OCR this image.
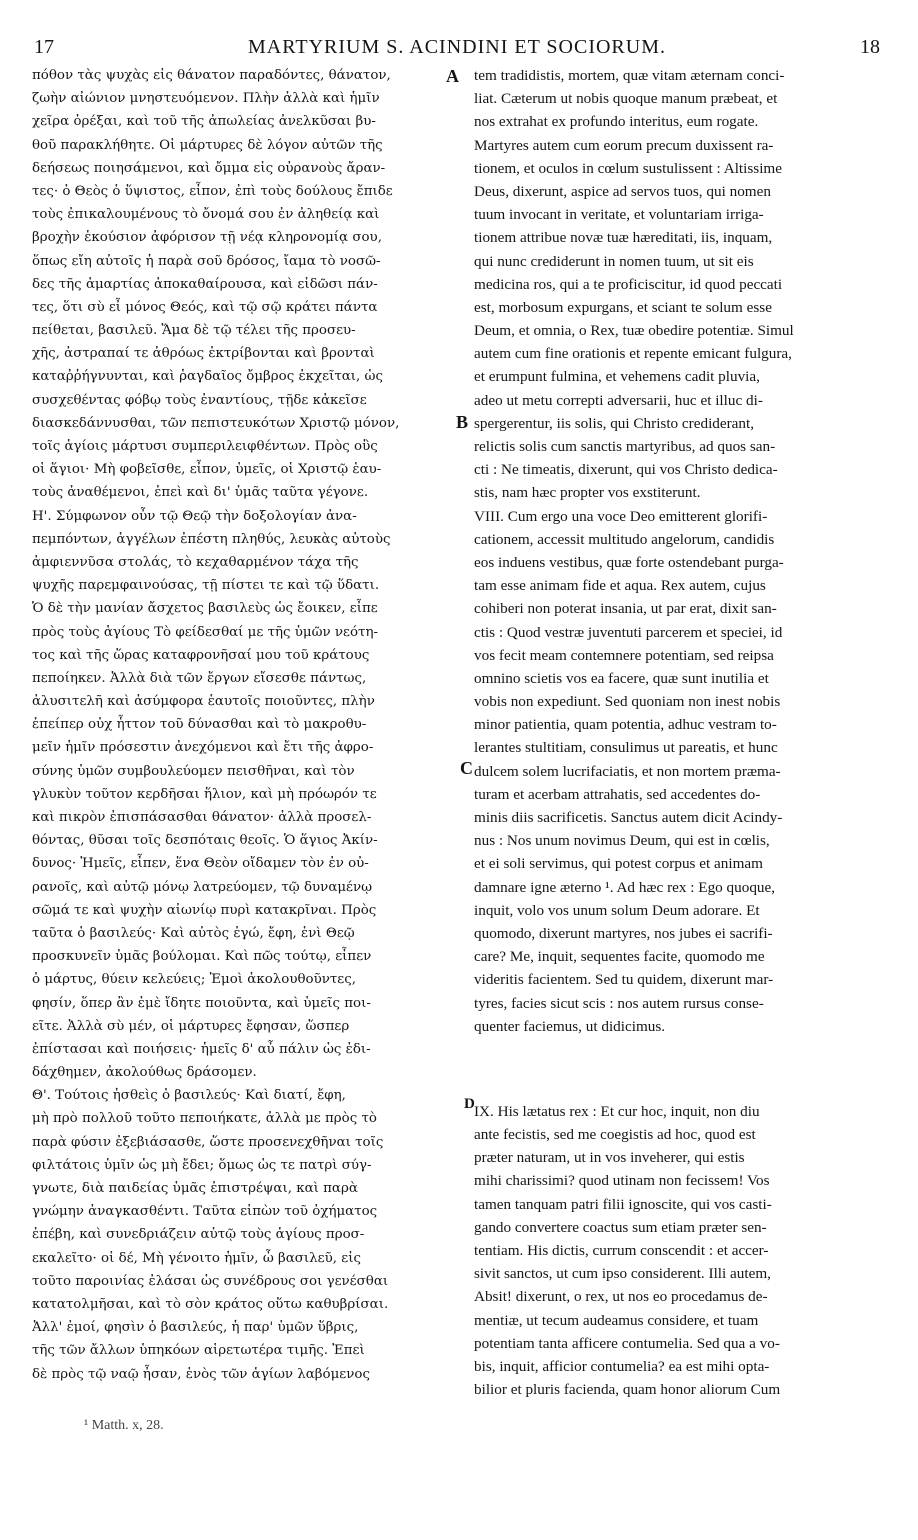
17	MARTYRIUM S. ACINDINI ET SOCIORUM.	18
πόθον τὰς ψυχὰς εἰς θάνατον παραδόντες, θάνατον,
ζωὴν αἰώνιον μνηστευόμενον. Πλὴν ἀλλὰ καὶ ἡμῖν
χεῖρα ὀρέξαι, καὶ τοῦ τῆς ἀπωλείας ἀνελκῦσαι βυ-
θοῦ παρακλήθητε. Οἱ μάρτυρες δὲ λόγον αὐτῶν τῆς
δεήσεως ποιησάμενοι, καὶ ὄμμα εἰς οὐρανοὺς ἄραν-
τες· ὁ Θεὸς ὁ ὕψιστος, εἶπον, ἐπὶ τοὺς δούλους ἔπιδε
τοὺς ἐπικαλουμένους τὸ ὄνομά σου ἐν ἀληθείᾳ καὶ
βροχὴν ἑκούσιον ἀφόρισον τῇ νέᾳ κληρονομίᾳ σου,
ὅπως εἴη αὐτοῖς ἡ παρὰ σοῦ δρόσος, ἴαμα τὸ νοσῶ-
δες τῆς ἁμαρτίας ἀποκαθαίρουσα, καὶ εἰδῶσι πάν-
τες, ὅτι σὺ εἶ μόνος Θεός, καὶ τῷ σῷ κράτει πάντα
πείθεται, βασιλεῦ. Ἅμα δὲ τῷ τέλει τῆς προσευ-
χῆς, ἀστραπαί τε ἀθρόως ἐκτρίβονται καὶ βρονταὶ
καταῤῥήγνυνται, καὶ ῥαγδαῖος ὄμβρος ἐκχεῖται, ὡς
συσχεθέντας φόβῳ τοὺς ἐναντίους, τῇδε κἀκεῖσε
διασκεδάννυσθαι, τῶν πεπιστευκότων Χριστῷ μόνον,
τοῖς ἁγίοις μάρτυσι συμπεριλειφθέντων. Πρὸς οὓς
οἱ ἅγιοι· Μὴ φοβεῖσθε, εἶπον, ὑμεῖς, οἱ Χριστῷ ἑαυ-
τοὺς ἀναθέμενοι, ἐπεὶ καὶ δι' ὑμᾶς ταῦτα γέγονε.
Η'. Σύμφωνον οὖν τῷ Θεῷ τὴν δοξολογίαν ἀνα-
πεμπόντων, ἀγγέλων ἐπέστη πληθύς, λευκὰς αὐτοὺς
ἀμφιεννῦσα στολάς, τὸ κεχαθαρμένον τάχα τῆς
ψυχῆς παρεμφαινούσας, τῇ πίστει τε καὶ τῷ ὕδατι.
Ὁ δὲ τὴν μανίαν ἄσχετος βασιλεὺς ὡς ἔοικεν, εἶπε
πρὸς τοὺς ἁγίους Τὸ φείδεσθαί με τῆς ὑμῶν νεότη-
τος καὶ τῆς ὥρας καταφρονῆσαί μου τοῦ κράτους
πεποίηκεν. Ἀλλὰ διὰ τῶν ἔργων εἴσεσθε πάντως,
ἀλυσιτελῆ καὶ ἀσύμφορα ἑαυτοῖς ποιοῦντες, πλὴν
ἐπείπερ οὐχ ἧττον τοῦ δύνασθαι καὶ τὸ μακροθυ-
μεῖν ἡμῖν πρόσεστιν ἀνεχόμενοι καὶ ἔτι τῆς ἀφρο-
σύνης ὑμῶν συμβουλεύομεν πεισθῆναι, καὶ τὸν
γλυκὺν τοῦτον κερδῆσαι ἥλιον, καὶ μὴ πρόωρόν τε
καὶ πικρὸν ἐπισπάσασθαι θάνατον· ἀλλὰ προσελ-
θόντας, θῦσαι τοῖς δεσπόταις θεοῖς. Ὁ ἅγιος Ἀκίν-
δυνος· Ἡμεῖς, εἶπεν, ἕνα Θεὸν οἴδαμεν τὸν ἐν οὐ-
ρανοῖς, καὶ αὐτῷ μόνῳ λατρεύομεν, τῷ δυναμένῳ
σῶμά τε καὶ ψυχὴν αἰωνίῳ πυρὶ κατακρῖναι. Πρὸς
ταῦτα ὁ βασιλεύς· Καὶ αὐτὸς ἐγώ, ἔφη, ἑνὶ Θεῷ
προσκυνεῖν ὑμᾶς βούλομαι. Καὶ πῶς τούτῳ, εἶπεν
ὁ μάρτυς, θύειν κελεύεις; Ἐμοὶ ἀκολουθοῦντες,
φησίν, ὅπερ ἂν ἐμὲ ἴδητε ποιοῦντα, καὶ ὑμεῖς ποι-
εῖτε. Ἀλλὰ σὺ μέν, οἱ μάρτυρες ἔφησαν, ὥσπερ
ἐπίστασαι καὶ ποιήσεις· ἡμεῖς δ' αὖ πάλιν ὡς ἐδι-
δάχθημεν, ἀκολούθως δράσομεν.
Θ'. Τούτοις ἡσθεὶς ὁ βασιλεύς· Καὶ διατί, ἔφη,
μὴ πρὸ πολλοῦ τοῦτο πεποιήκατε, ἀλλὰ με πρὸς τὸ
παρὰ φύσιν ἐξεβιάσασθε, ὥστε προσενεχθῆναι τοῖς
φιλτάτοις ὑμῖν ὡς μὴ ἔδει; ὅμως ὡς τε πατρὶ σύγ-
γνωτε, διὰ παιδείας ὑμᾶς ἐπιστρέψαι, καὶ παρὰ
γνώμην ἀναγκασθέντι. Ταῦτα εἰπὼν τοῦ ὀχήματος
ἐπέβη, καὶ συνεδριάζειν αὐτῷ τοὺς ἁγίους προσ-
εκαλεῖτο· οἱ δέ, Μὴ γένοιτο ἡμῖν, ὦ βασιλεῦ, εἰς
τοῦτο παροινίας ἐλάσαι ὡς συνέδρους σοι γενέσθαι
κατατολμῆσαι, καὶ τὸ σὸν κράτος οὕτω καθυβρίσαι.
Ἀλλ' ἐμοί, φησὶν ὁ βασιλεύς, ἡ παρ' ὑμῶν ὕβρις,
τῆς τῶν ἄλλων ὑπηκόων αἱρετωτέρα τιμῆς. Ἐπεὶ
δὲ πρὸς τῷ ναῷ ἦσαν, ἑνὸς τῶν ἁγίων λαβόμενος
tem tradidistis, mortem, quæ vitam æternam conci-
liat. Cæterum ut nobis quoque manum præbeat, et
nos extrahat ex profundo interitus, eum rogate.
Martyres autem cum eorum precum duxissent ra-
tionem, et oculos in cœlum sustulissent : Altissime
Deus, dixerunt, aspice ad servos tuos, qui nomen
tuum invocant in veritate, et voluntariam irriga-
tionem attribue novæ tuæ hæreditati, iis, inquam,
qui nunc crediderunt in nomen tuum, ut sit eis
medicina ros, qui a te proficiscitur, id quod peccati
est, morbosum expurgans, et sciant te solum esse
Deum, et omnia, o Rex, tuæ obedire potentiæ. Simul
autem cum fine orationis et repente emicant fulgura,
et erumpunt fulmina, et vehemens cadit pluvia,
adeo ut metu correpti adversarii, huc et illuc di-
spergerentur, iis solis, qui Christo crediderant,
relictis solis cum sanctis martyribus, ad quos san-
cti : Ne timeatis, dixerunt, qui vos Christo dedica-
stis, nam hæc propter vos exstiterunt.
VIII. Cum ergo una voce Deo emitterent glorifi-
cationem, accessit multitudo angelorum, candidis
eos induens vestibus, quæ forte ostendebant purga-
tam esse animam fide et aqua. Rex autem, cujus
cohiberi non poterat insania, ut par erat, dixit san-
ctis : Quod vestræ juventuti parcerem et speciei, id
vos fecit meam contemnere potentiam, sed reipsa
omnino scietis vos ea facere, quæ sunt inutilia et
vobis non expediunt. Sed quoniam non inest nobis
minor patientia, quam potentia, adhuc vestram to-
lerantes stultitiam, consulimus ut pareatis, et hunc
dulcem solem lucrifaciatis, et non mortem præma-
turam et acerbam attrahatis, sed accedentes do-
minis diis sacrificetis. Sanctus autem dicit Acindy-
nus : Nos unum novimus Deum, qui est in cœlis,
et ei soli servimus, qui potest corpus et animam
damnare igne æterno ¹. Ad hæc rex : Ego quoque,
inquit, volo vos unum solum Deum adorare. Et
quomodo, dixerunt martyres, nos jubes ei sacrifi-
care? Me, inquit, sequentes facite, quomodo me
videritis facientem. Sed tu quidem, dixerunt mar-
tyres, facies sicut scis : nos autem rursus conse-
quenter faciemus, ut didicimus.
IX. His lætatus rex : Et cur hoc, inquit, non diu
ante fecistis, sed me coegistis ad hoc, quod est
præter naturam, ut in vos inveherer, qui estis
mihi charissimi? quod utinam non fecissem! Vos
tamen tanquam patri filii ignoscite, qui vos casti-
gando convertere coactus sum etiam præter sen-
tentiam. His dictis, currum conscendit : et accer-
sivit sanctos, ut cum ipso considerent. Illi autem,
Absit! dixerunt, o rex, ut nos eo procedamus de-
mentiæ, ut tecum audeamus considere, et tuam
potentiam tanta afficere contumelia. Sed qua a vo-
bis, inquit, afficior contumelia? ea est mihi opta-
bilior et pluris facienda, quam honor aliorum Cum
A
B
C
D
¹ Matth. x, 28.
